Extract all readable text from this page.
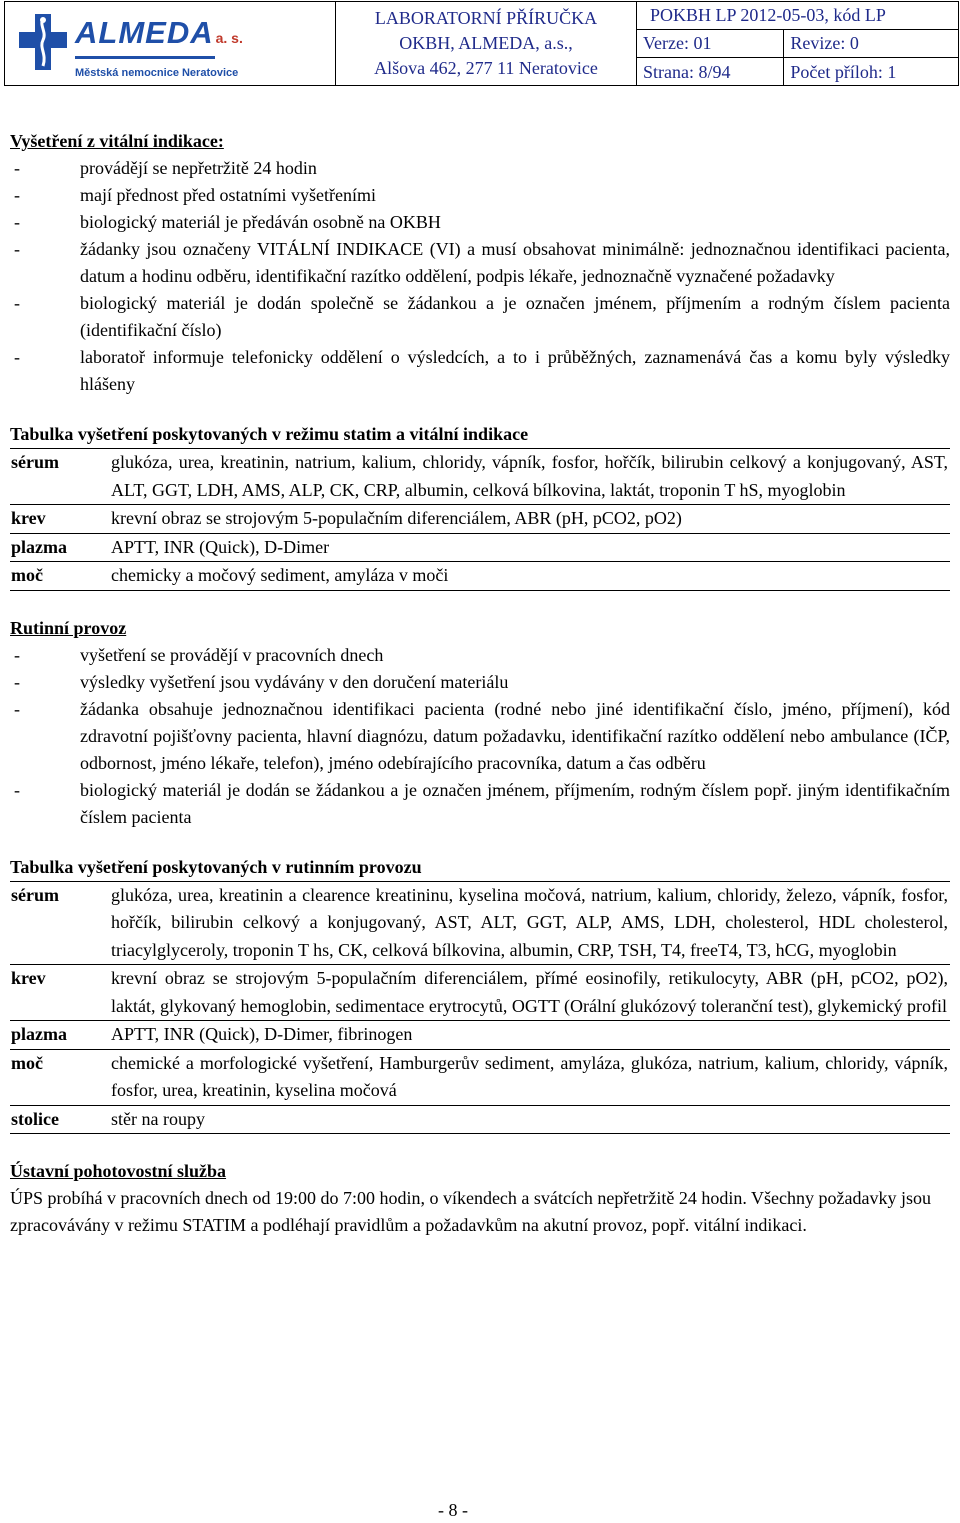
ALMEDA a. s.
Městská nemocnice Neratovice

LABORATORNÍ PŘÍRUČKA
OKBH, ALMEDA, a.s.,
Alšova 462, 277 11 Neratovice

POKBH LP 2012-05-03, kód LP
Verze: 01	Revize: 0
Strana: 8/94	Počet příloh: 1
Vyšetření z vitální indikace:
- provádějí se nepřetržitě 24 hodin
- mají přednost před ostatními vyšetřeními
- biologický materiál je předáván osobně na OKBH
- žádanky jsou označeny VITÁLNÍ INDIKACE (VI) a musí obsahovat minimálně: jednoznačnou identifikaci pacienta, datum a hodinu odběru, identifikační razítko oddělení, podpis lékaře, jednoznačně vyznačené požadavky
- biologický materiál je dodán společně se žádankou a je označen jménem, příjmením a rodným číslem pacienta (identifikační číslo)
- laboratoř informuje telefonicky oddělení o výsledcích, a to i průběžných, zaznamenává čas a komu byly výsledky hlášeny
Tabulka vyšetření poskytovaných v režimu statim a vitální indikace
sérum	glukóza, urea, kreatinin, natrium, kalium, chloridy, vápník, fosfor, hořčík, bilirubin celkový a konjugovaný, AST, ALT, GGT, LDH, AMS, ALP, CK, CRP, albumin, celková bílkovina, laktát, troponin T hS, myoglobin
krev	krevní obraz se strojovým 5-populačním diferenciálem, ABR (pH, pCO2, pO2)
plazma	APTT, INR (Quick), D-Dimer
moč	chemicky a močový sediment, amyláza v moči
Rutinní provoz
- vyšetření se provádějí v pracovních dnech
- výsledky vyšetření jsou vydávány v den doručení materiálu
- žádanka obsahuje jednoznačnou identifikaci pacienta (rodné nebo jiné identifikační číslo, jméno, příjmení), kód zdravotní pojišťovny pacienta, hlavní diagnózu, datum požadavku, identifikační razítko oddělení nebo ambulance (IČP, odbornost, jméno lékaře, telefon), jméno odebírajícího pracovníka, datum a čas odběru
- biologický materiál je dodán se žádankou a je označen jménem, příjmením, rodným číslem popř. jiným identifikačním číslem pacienta
Tabulka vyšetření poskytovaných v rutinním provozu
sérum	glukóza, urea, kreatinin a clearence kreatininu, kyselina močová, natrium, kalium, chloridy, železo, vápník, fosfor, hořčík, bilirubin celkový a konjugovaný, AST, ALT, GGT, ALP, AMS, LDH, cholesterol, HDL cholesterol, triacylglyceroly, troponin T hs, CK, celková bílkovina, albumin, CRP, TSH, T4, freeT4, T3, hCG, myoglobin
krev	krevní obraz se strojovým 5-populačním diferenciálem, přímé eosinofily, retikulocyty, ABR (pH, pCO2, pO2), laktát, glykovaný hemoglobin, sedimentace erytrocytů, OGTT (Orální glukózový toleranční test), glykemický profil
plazma	APTT, INR (Quick), D-Dimer, fibrinogen
moč	chemické a morfologické vyšetření, Hamburgerův sediment, amyláza, glukóza, natrium, kalium, chloridy, vápník, fosfor, urea, kreatinin, kyselina močová
stolice	stěr na roupy
Ústavní pohotovostní služba
ÚPS probíhá v pracovních dnech od 19:00 do 7:00 hodin, o víkendech a svátcích nepřetržitě 24 hodin. Všechny požadavky jsou zpracovávány v režimu STATIM a podléhají pravidlům a požadavkům na akutní provoz, popř. vitální indikaci.
- 8 -
